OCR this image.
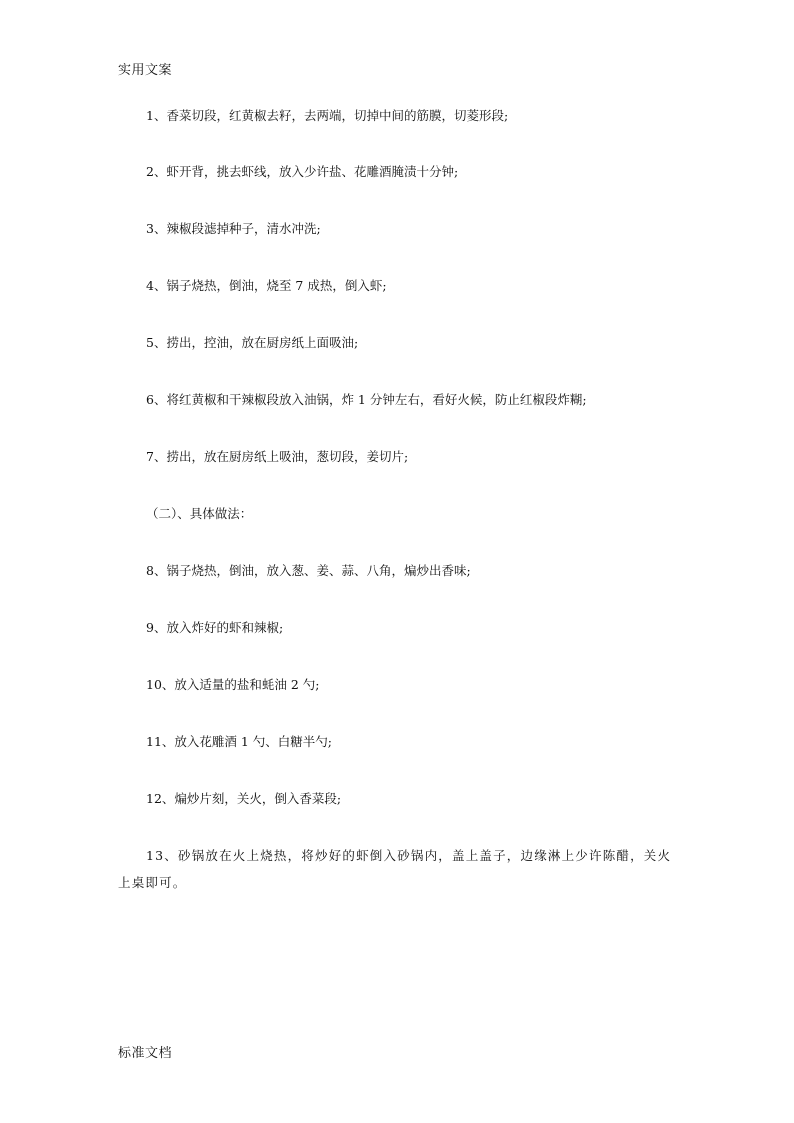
实用文案
1、香菜切段，红黄椒去籽，去两端，切掉中间的筋膜，切菱形段;
2、虾开背，挑去虾线，放入少许盐、花雕酒腌渍十分钟;
3、辣椒段滤掉种子，清水冲洗;
4、锅子烧热，倒油，烧至 7 成热，倒入虾;
5、捞出，控油，放在厨房纸上面吸油;
6、将红黄椒和干辣椒段放入油锅，炸 1 分钟左右，看好火候，防止红椒段炸糊;
7、捞出，放在厨房纸上吸油，葱切段，姜切片;
（二）、具体做法：
8、锅子烧热，倒油，放入葱、姜、蒜、八角，煸炒出香味;
9、放入炸好的虾和辣椒;
10、放入适量的盐和蚝油 2 勺;
11、放入花雕酒 1 勺、白糖半勺;
12、煸炒片刻，关火，倒入香菜段;
13、砂锅放在火上烧热，将炒好的虾倒入砂锅内，盖上盖子，边缘淋上少许陈醋，关火上桌即可。
标准文档
